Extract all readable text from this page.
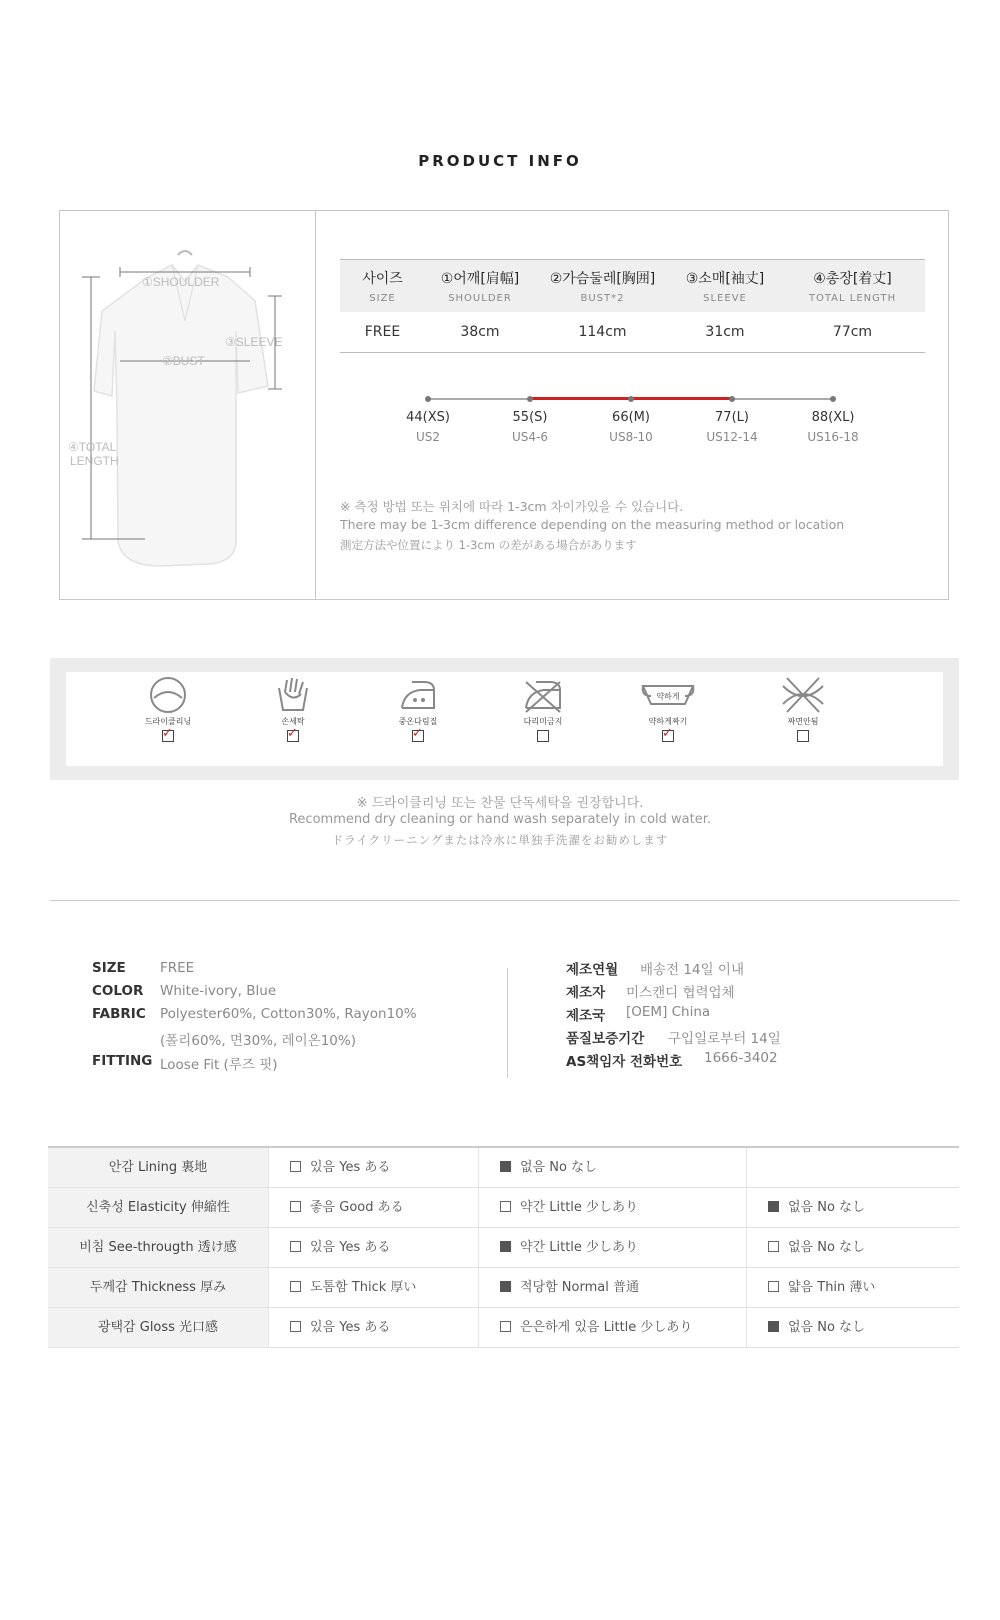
PRODUCT INFO
①SHOULDER
②BUST
③SLEEVE
④TOTAL
LENGTH
사이즈	①어깨[肩幅]	②가슴둘레[胸囲]	③소매[袖丈]	④총장[着丈]
SIZE	SHOULDER	BUST*2	SLEEVE	TOTAL LENGTH
FREE	38cm	114cm	31cm	77cm
44(XS)	55(S)	66(M)	77(L)	88(XL)
US2	US4-6	US8-10	US12-14	US16-18
※ 측정 방법 또는 위치에 따라 1-3cm 차이가있을 수 있습니다.
There may be 1-3cm difference depending on the measuring method or location
測定方法や位置により 1-3cm の差がある場合があります
드라이클리닝
✓
손세탁
✓
중온다림질
✓
다리미금지
약하게
약하게짜기
✓
짜면안됨
※ 드라이클리닝 또는 찬물 단독세탁을 권장합니다.
Recommend dry cleaning or hand wash separately in cold water.
ドライクリーニングまたは冷水に単独手洗濯をお勧めします
SIZE	FREE
COLOR White-ivory, Blue
FABRIC Polyester60%, Cotton30%, Rayon10%
(폴리60%, 면30%, 레이온10%)
FITTING Loose Fit (루즈 핏)
제조연월 배송전 14일 이내
제조자 미스캔디 협력업체
제조국 [OEM] China
품질보증기간 구입일로부터 14일
AS책임자 전화번호 1666-3402
안감 Lining 裏地	있음 Yes ある	없음 No なし
신축성 Elasticity 伸縮性	좋음 Good ある	약간 Little 少しあり	없음 No なし
비침 See-througth 透け感	있음 Yes ある	약간 Little 少しあり	없음 No なし
두께감 Thickness 厚み	도톰함 Thick 厚い	적당함 Normal 普通	얇음 Thin 薄い
광택감 Gloss 光口感	있음 Yes ある	은은하게 있음 Little 少しあり	없음 No なし
